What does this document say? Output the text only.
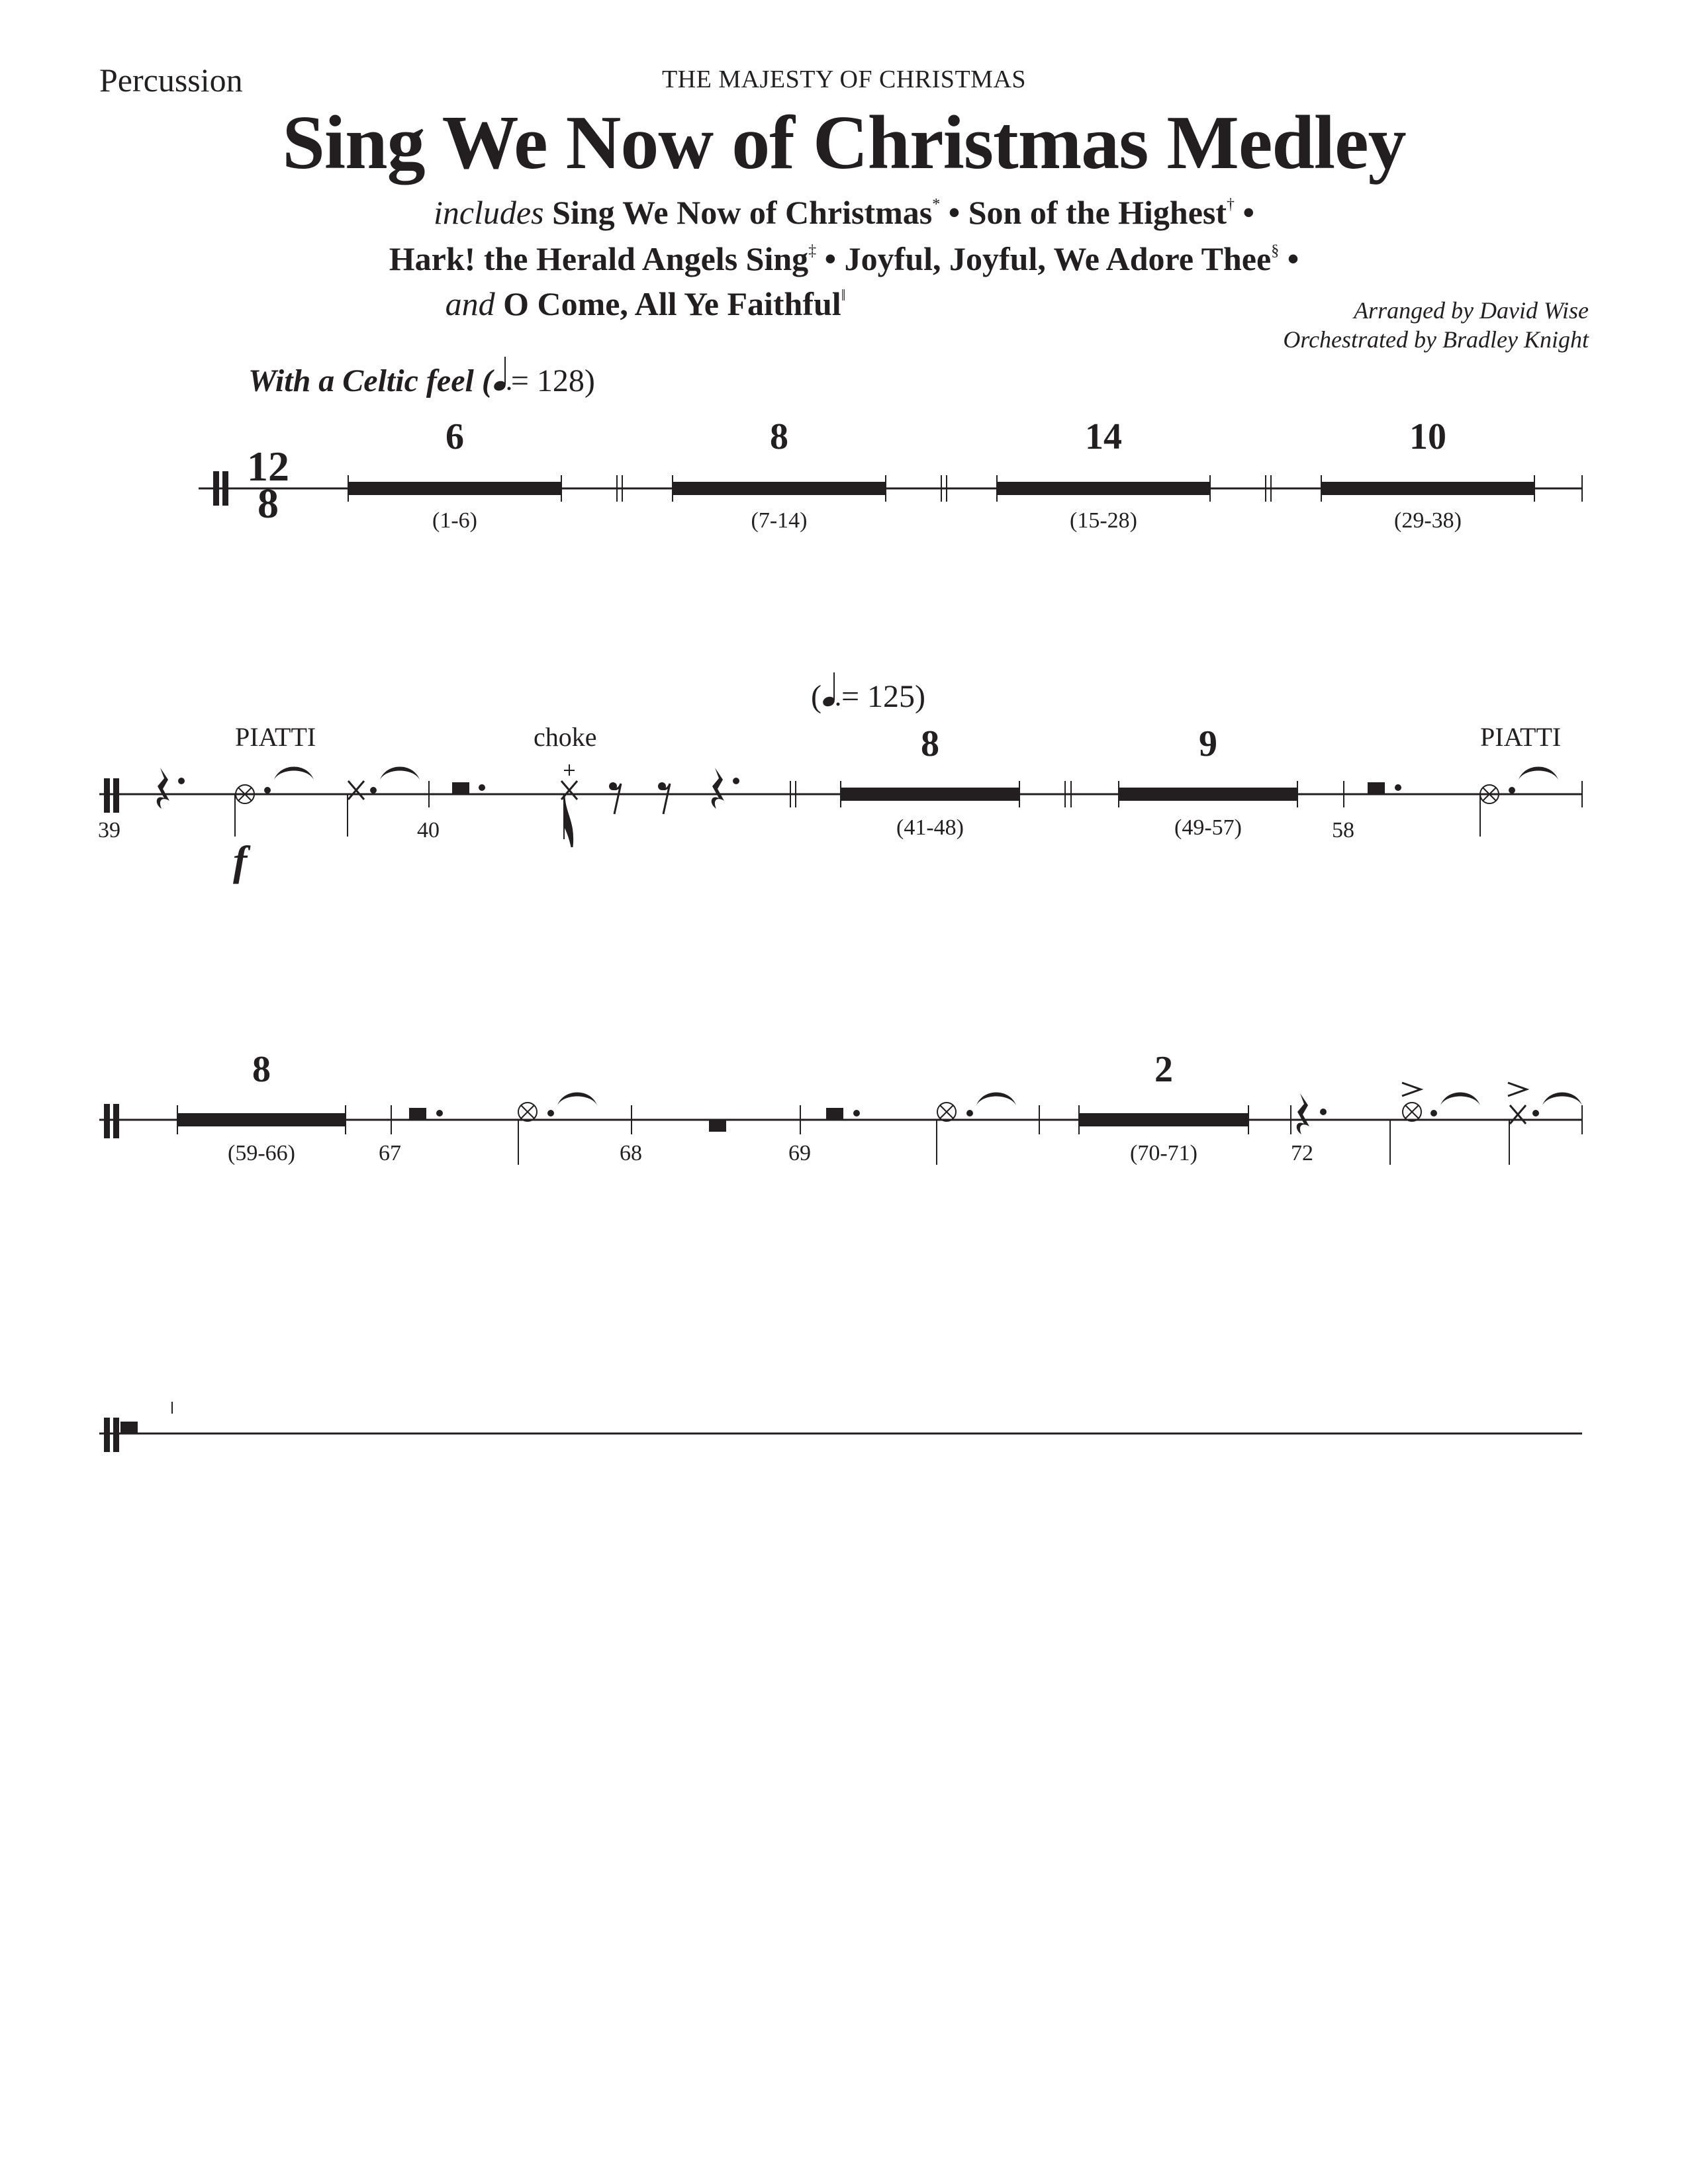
Percussion	THE MAJESTY OF CHRISTMAS
Sing We Now of Christmas Medley
includes Sing We Now of Christmas* • Son of the Highest† •
Hark! the Herald Angels Sing‡ • Joyful, Joyful, We Adore Thee§ •
and O Come, All Ye Faithful‖
Arranged by David Wise
Orchestrated by Bradley Knight
With a Celtic feel ( = 128)
( = 125)
12
8
6
(1-6)
8
(7-14)
14
(15-28)
10
(29-38)
39	40	58
PIATTI	choke	PIATTI
f
8
(41-48)
9
(49-57)
8
(59-66)	67	68	69
2
(70-71)	72
